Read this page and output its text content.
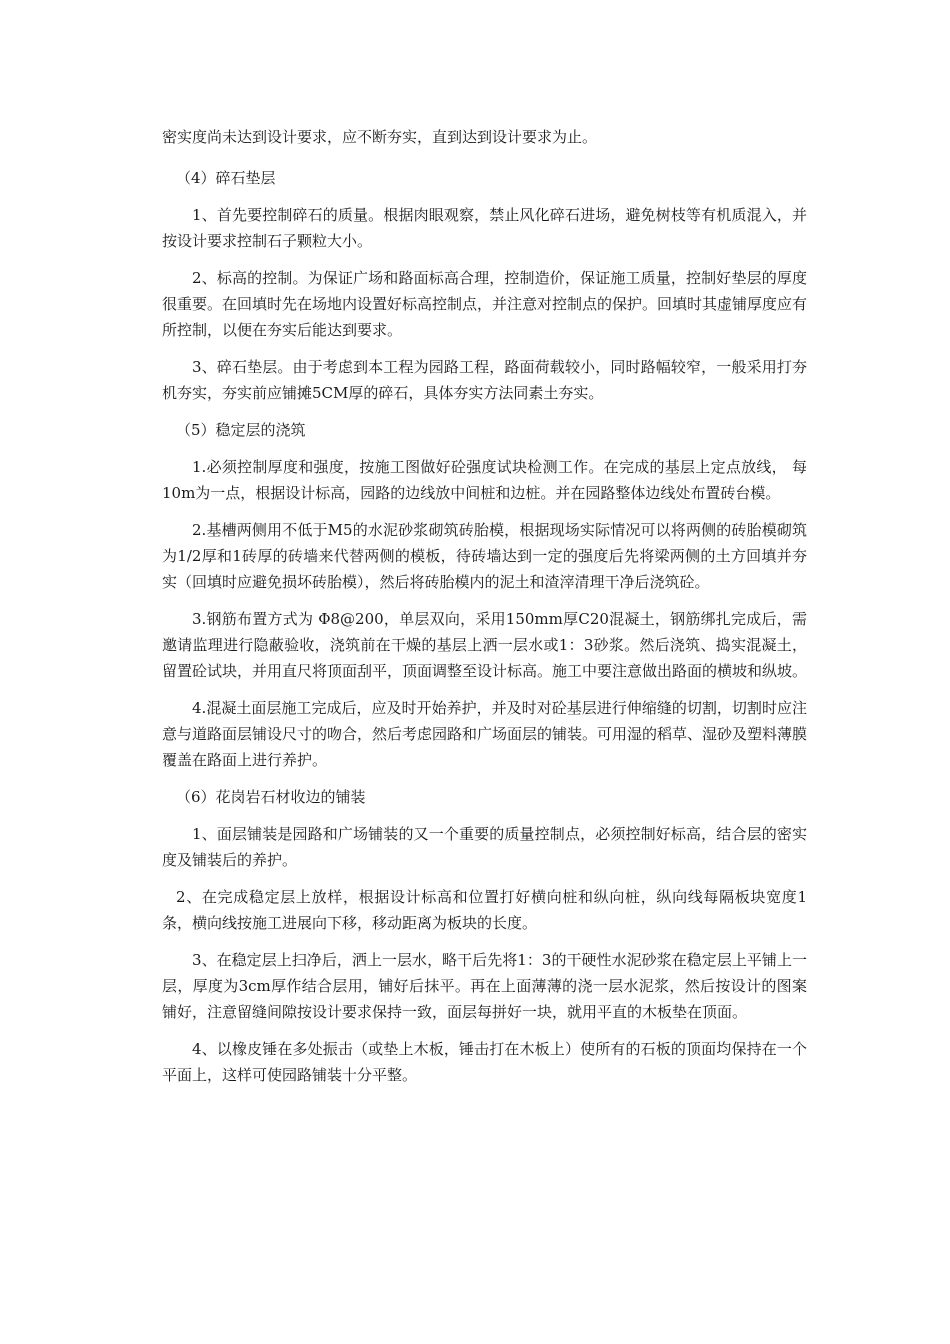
密实度尚未达到设计要求，应不断夯实，直到达到设计要求为止。

（4）碎石垫层

1、首先要控制碎石的质量。根据肉眼观察，禁止风化碎石进场，避免树枝等有机质混入，并按设计要求控制石子颗粒大小。

2、标高的控制。为保证广场和路面标高合理，控制造价，保证施工质量，控制好垫层的厚度很重要。在回填时先在场地内设置好标高控制点，并注意对控制点的保护。回填时其虚铺厚度应有所控制，以便在夯实后能达到要求。

3、碎石垫层。由于考虑到本工程为园路工程，路面荷载较小，同时路幅较窄，一般采用打夯机夯实，夯实前应铺摊5CM厚的碎石，具体夯实方法同素土夯实。

（5）稳定层的浇筑

1.必须控制厚度和强度，按施工图做好砼强度试块检测工作。在完成的基层上定点放线， 每10m为一点，根据设计标高，园路的边线放中间桩和边桩。并在园路整体边线处布置砖台模。

2.基槽两侧用不低于M5的水泥砂浆砌筑砖胎模，根据现场实际情况可以将两侧的砖胎模砌筑为1/2厚和1砖厚的砖墙来代替两侧的模板，待砖墙达到一定的强度后先将梁两侧的土方回填并夯实（回填时应避免损坏砖胎模），然后将砖胎模内的泥土和渣滓清理干净后浇筑砼。

3.钢筋布置方式为 Φ8@200，单层双向，采用150mm厚C20混凝土，钢筋绑扎完成后，需邀请监理进行隐蔽验收，浇筑前在干燥的基层上洒一层水或1：3砂浆。然后浇筑、捣实混凝土，留置砼试块，并用直尺将顶面刮平，顶面调整至设计标高。施工中要注意做出路面的横坡和纵坡。

4.混凝土面层施工完成后，应及时开始养护，并及时对砼基层进行伸缩缝的切割，切割时应注意与道路面层铺设尺寸的吻合，然后考虑园路和广场面层的铺装。可用湿的稻草、湿砂及塑料薄膜覆盖在路面上进行养护。

（6）花岗岩石材收边的铺装

1、面层铺装是园路和广场铺装的又一个重要的质量控制点，必须控制好标高，结合层的密实度及铺装后的养护。

2、在完成稳定层上放样，根据设计标高和位置打好横向桩和纵向桩，纵向线每隔板块宽度1条，横向线按施工进展向下移，移动距离为板块的长度。

3、在稳定层上扫净后，洒上一层水，略干后先将1：3的干硬性水泥砂浆在稳定层上平铺上一层，厚度为3cm厚作结合层用，铺好后抹平。再在上面薄薄的浇一层水泥浆，然后按设计的图案铺好，注意留缝间隙按设计要求保持一致，面层每拼好一块，就用平直的木板垫在顶面。

4、以橡皮锤在多处振击（或垫上木板，锤击打在木板上）使所有的石板的顶面均保持在一个平面上，这样可使园路铺装十分平整。
